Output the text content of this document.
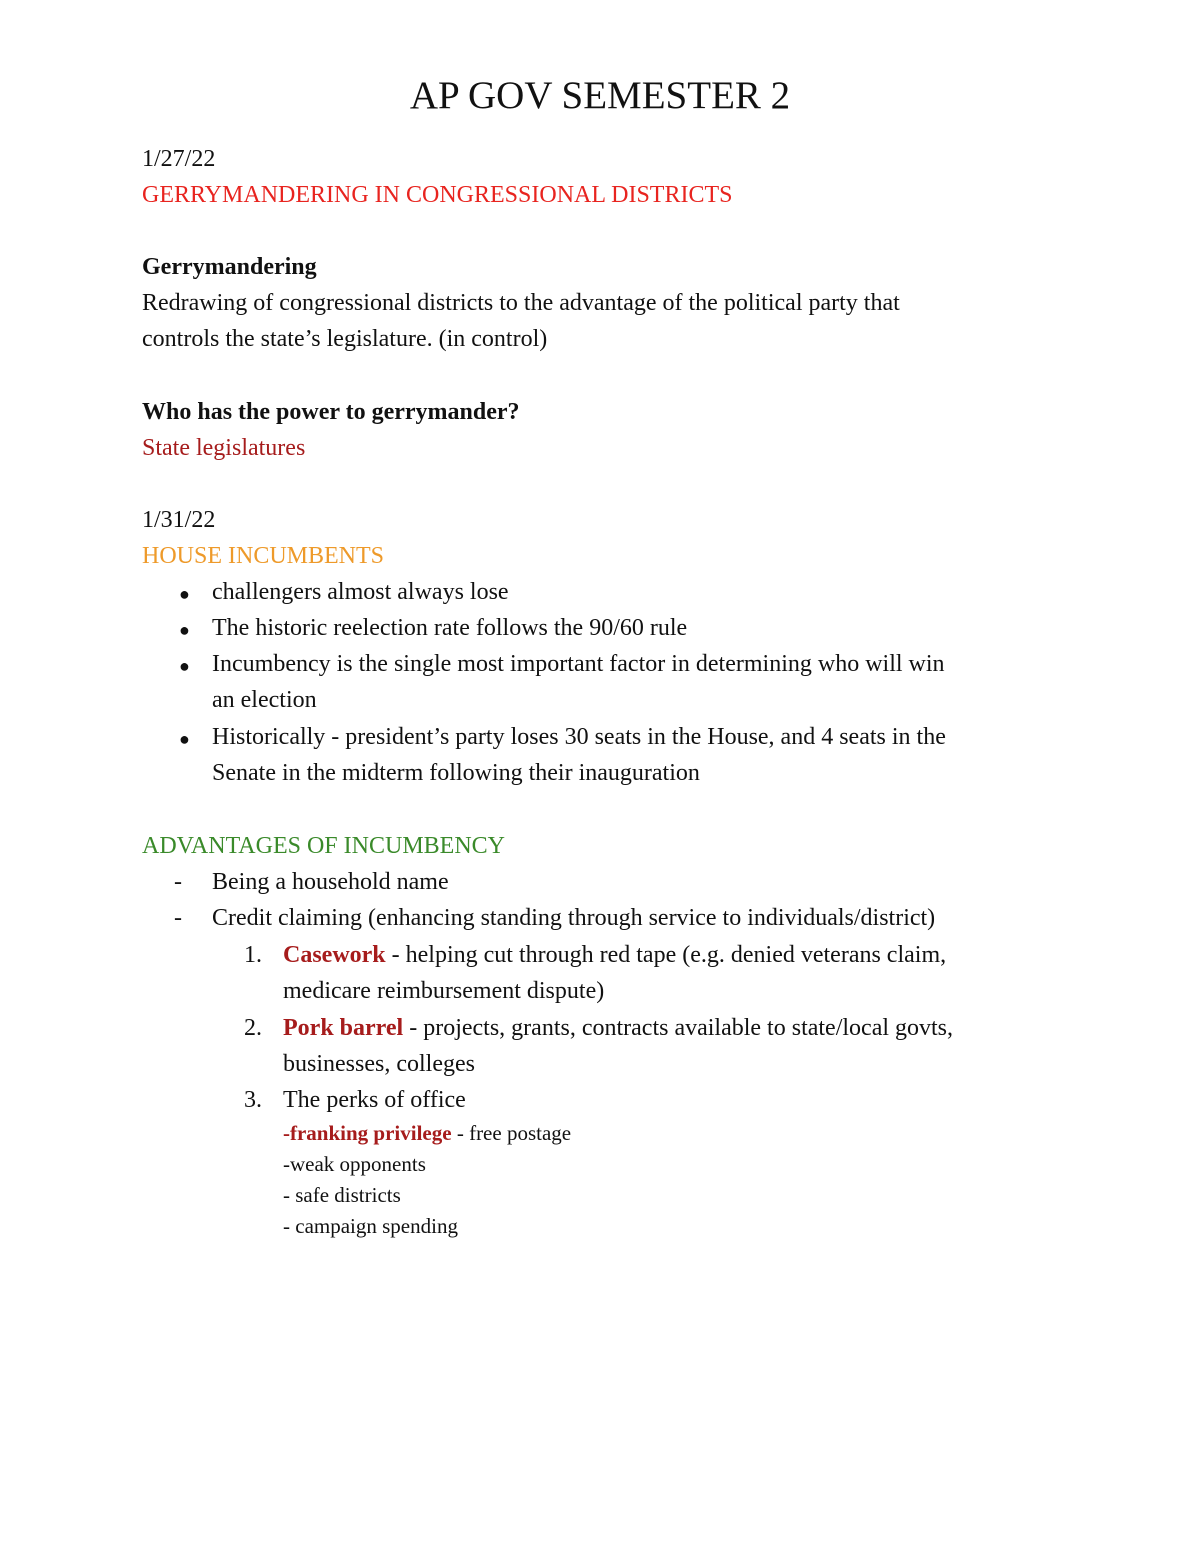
AP GOV SEMESTER 2

1/27/22

GERRYMANDERING IN CONGRESSIONAL DISTRICTS

Gerrymandering

Redrawing of congressional districts to the advantage of the political party that

controls the state’s legislature. (in control)

Who has the power to gerrymander?

State legislatures

1/31/22

HOUSE INCUMBENTS

● challengers almost always lose
● The historic reelection rate follows the 90/60 rule
● Incumbency is the single most important factor in determining who will win
an election
● Historically - president’s party loses 30 seats in the House, and 4 seats in the
Senate in the midterm following their inauguration

ADVANTAGES OF INCUMBENCY

- Being a household name
- Credit claiming (enhancing standing through service to individuals/district)
1. Casework - helping cut through red tape (e.g. denied veterans claim,
medicare reimbursement dispute)
2. Pork barrel - projects, grants, contracts available to state/local govts,
businesses, colleges
3. The perks of office
-franking privilege - free postage
-weak opponents
- safe districts
- campaign spending
